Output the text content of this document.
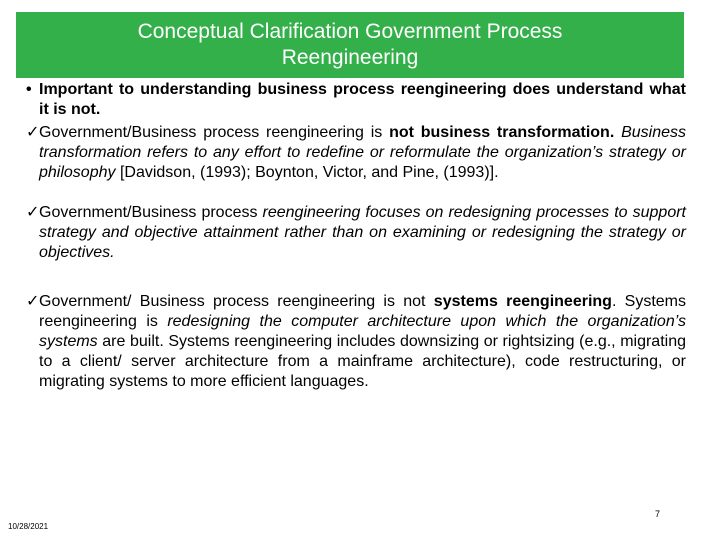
Conceptual Clarification Government Process
Reengineering

• Important to understanding business process reengineering does understand what it is not.

✓ Government/Business process reengineering is not business transformation. Business transformation refers to any effort to redefine or reformulate the organization’s strategy or philosophy [Davidson, (1993); Boynton, Victor, and Pine, (1993)].

✓ Government/Business process reengineering focuses on redesigning processes to support strategy and objective attainment rather than on examining or redesigning the strategy or objectives.

✓ Government/ Business process reengineering is not systems reengineering. Systems reengineering is redesigning the computer architecture upon which the organization’s systems are built. Systems reengineering includes downsizing or rightsizing (e.g., migrating to a client/ server architecture from a mainframe architecture), code restructuring, or migrating systems to more efficient languages.

7
10/28/2021
